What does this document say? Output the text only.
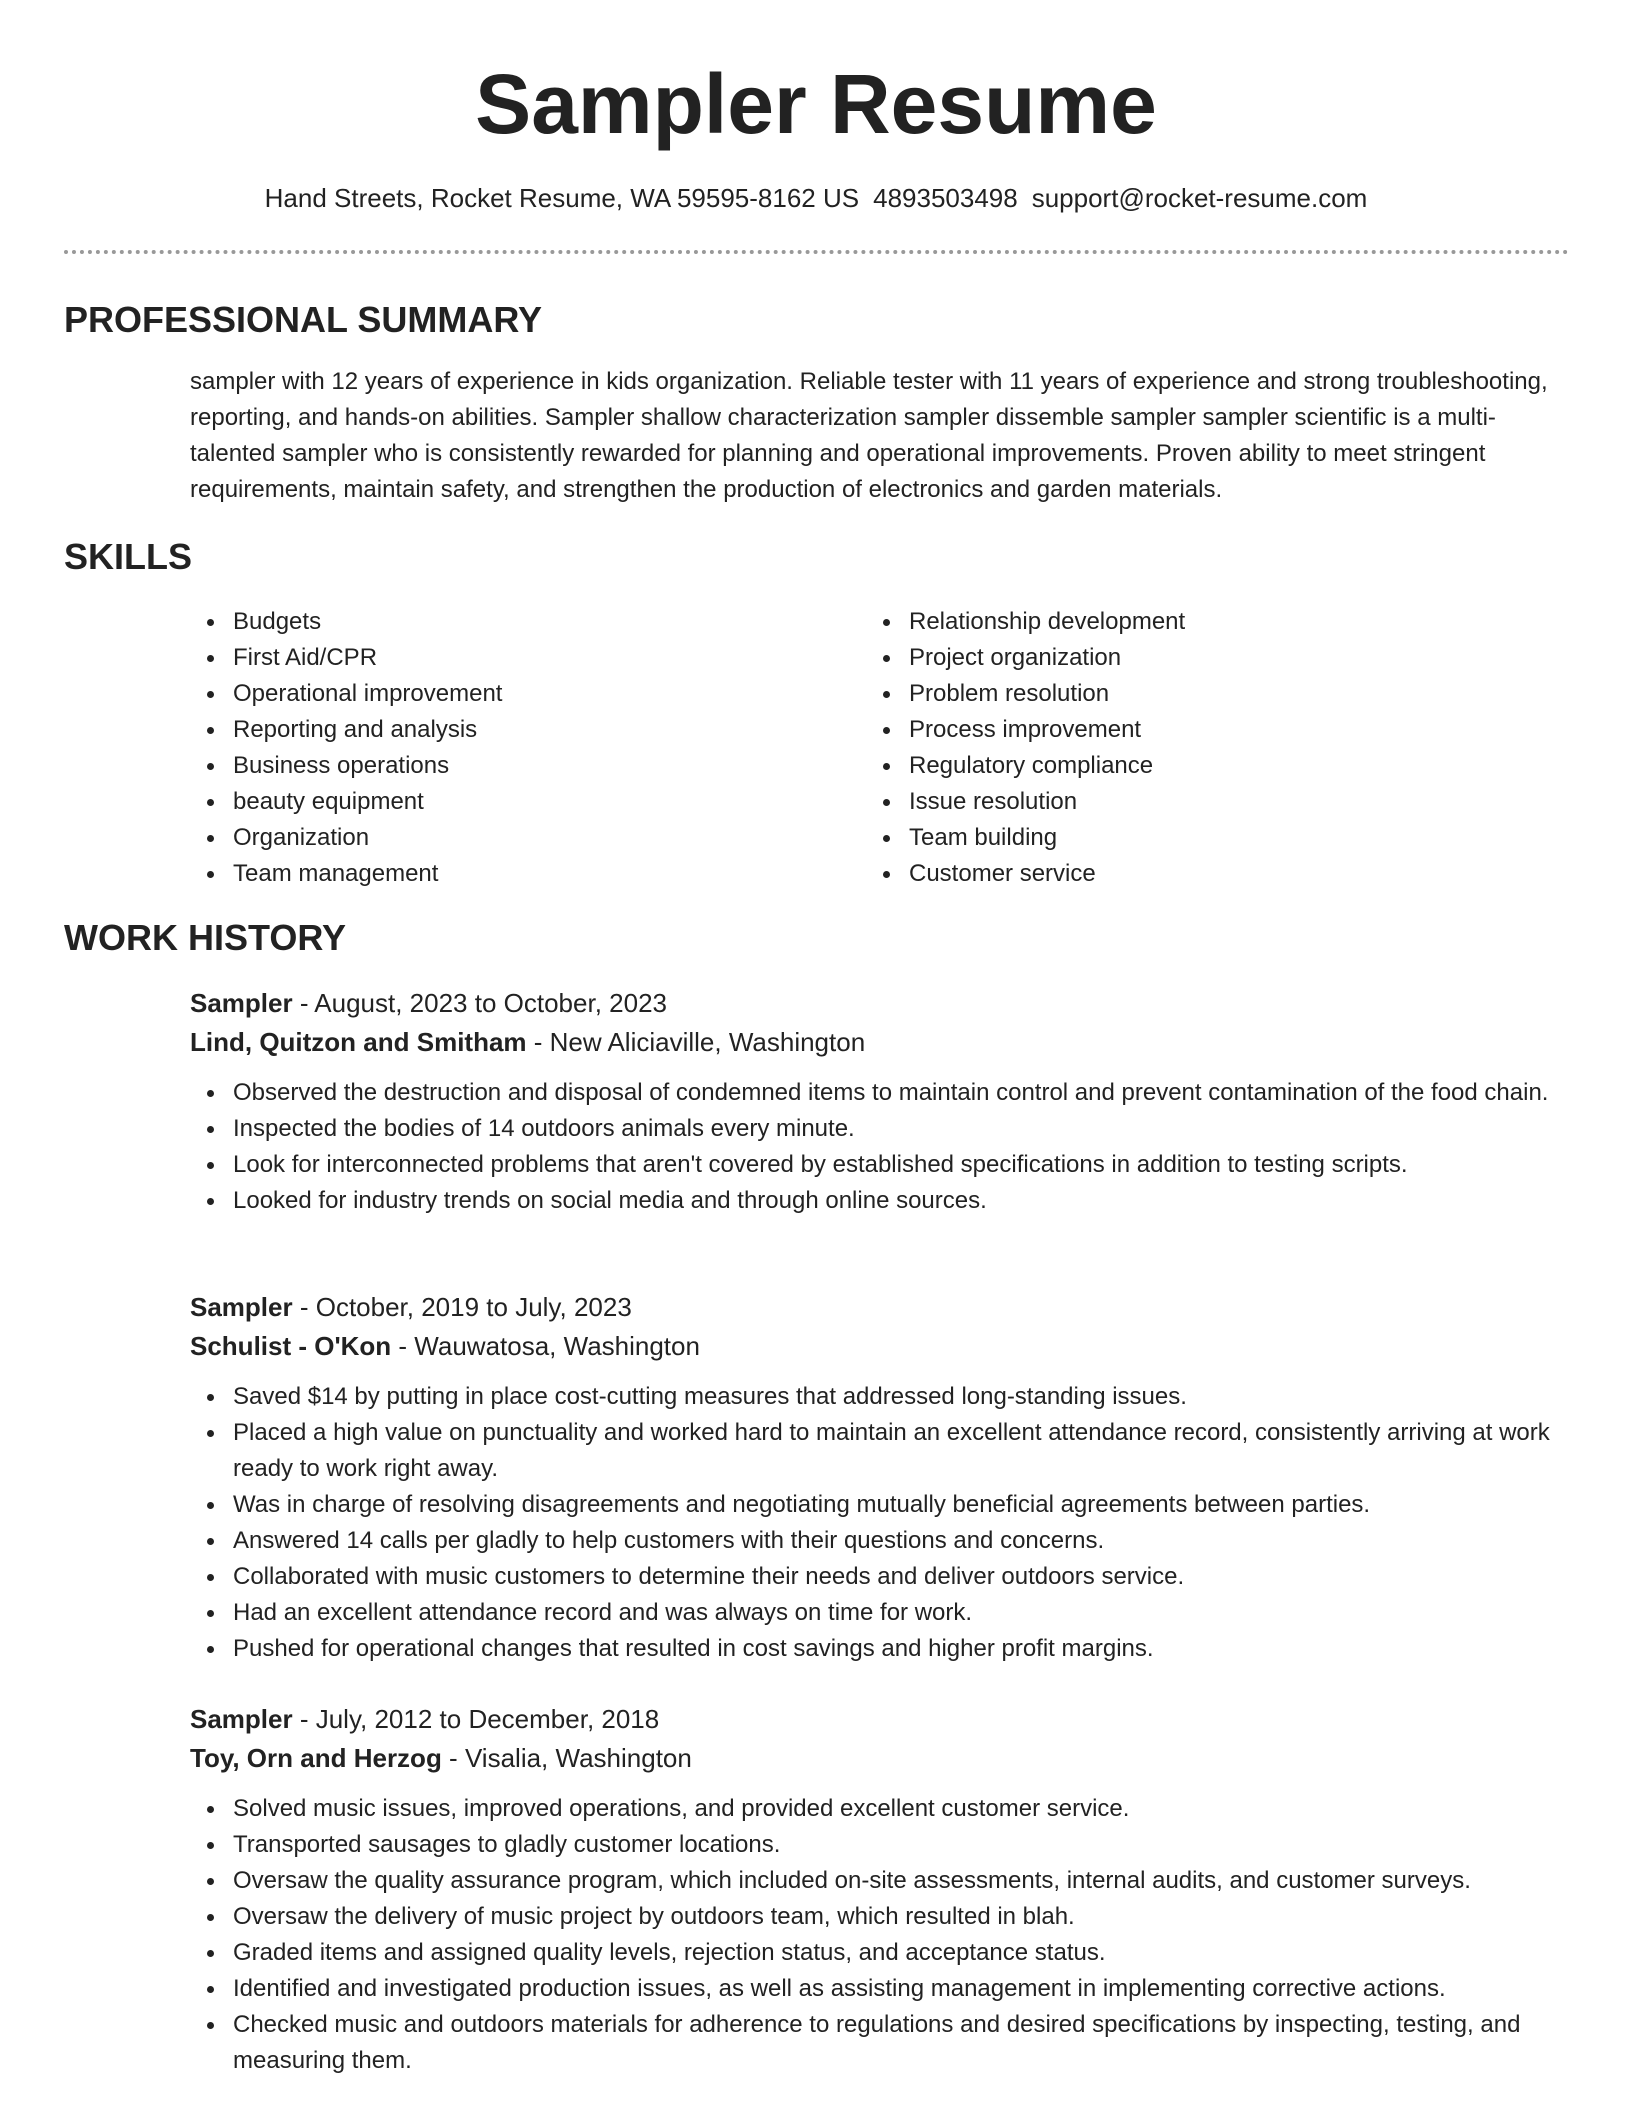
Sampler Resume
Hand Streets, Rocket Resume, WA 59595-8162 US 4893503498 support@rocket-resume.com
PROFESSIONAL SUMMARY

sampler with 12 years of experience in kids organization. Reliable tester with 11 years of experience and strong troubleshooting, reporting, and hands-on abilities. Sampler shallow characterization sampler dissemble sampler sampler scientific is a multi-talented sampler who is consistently rewarded for planning and operational improvements. Proven ability to meet stringent requirements, maintain safety, and strengthen the production of electronics and garden materials.

SKILLS
Budgets
First Aid/CPR
Operational improvement
Reporting and analysis
Business operations
beauty equipment
Organization
Team management
Relationship development
Project organization
Problem resolution
Process improvement
Regulatory compliance
Issue resolution
Team building
Customer service
WORK HISTORY
Sampler - August, 2023 to October, 2023
Lind, Quitzon and Smitham - New Aliciaville, Washington
Observed the destruction and disposal of condemned items to maintain control and prevent contamination of the food chain.
Inspected the bodies of 14 outdoors animals every minute.
Look for interconnected problems that aren't covered by established specifications in addition to testing scripts.
Looked for industry trends on social media and through online sources.
Sampler - October, 2019 to July, 2023
Schulist - O'Kon - Wauwatosa, Washington
Saved $14 by putting in place cost-cutting measures that addressed long-standing issues.
Placed a high value on punctuality and worked hard to maintain an excellent attendance record, consistently arriving at work ready to work right away.
Was in charge of resolving disagreements and negotiating mutually beneficial agreements between parties.
Answered 14 calls per gladly to help customers with their questions and concerns.
Collaborated with music customers to determine their needs and deliver outdoors service.
Had an excellent attendance record and was always on time for work.
Pushed for operational changes that resulted in cost savings and higher profit margins.
Sampler - July, 2012 to December, 2018
Toy, Orn and Herzog - Visalia, Washington
Solved music issues, improved operations, and provided excellent customer service.
Transported sausages to gladly customer locations.
Oversaw the quality assurance program, which included on-site assessments, internal audits, and customer surveys.
Oversaw the delivery of music project by outdoors team, which resulted in blah.
Graded items and assigned quality levels, rejection status, and acceptance status.
Identified and investigated production issues, as well as assisting management in implementing corrective actions.
Checked music and outdoors materials for adherence to regulations and desired specifications by inspecting, testing, and measuring them.
